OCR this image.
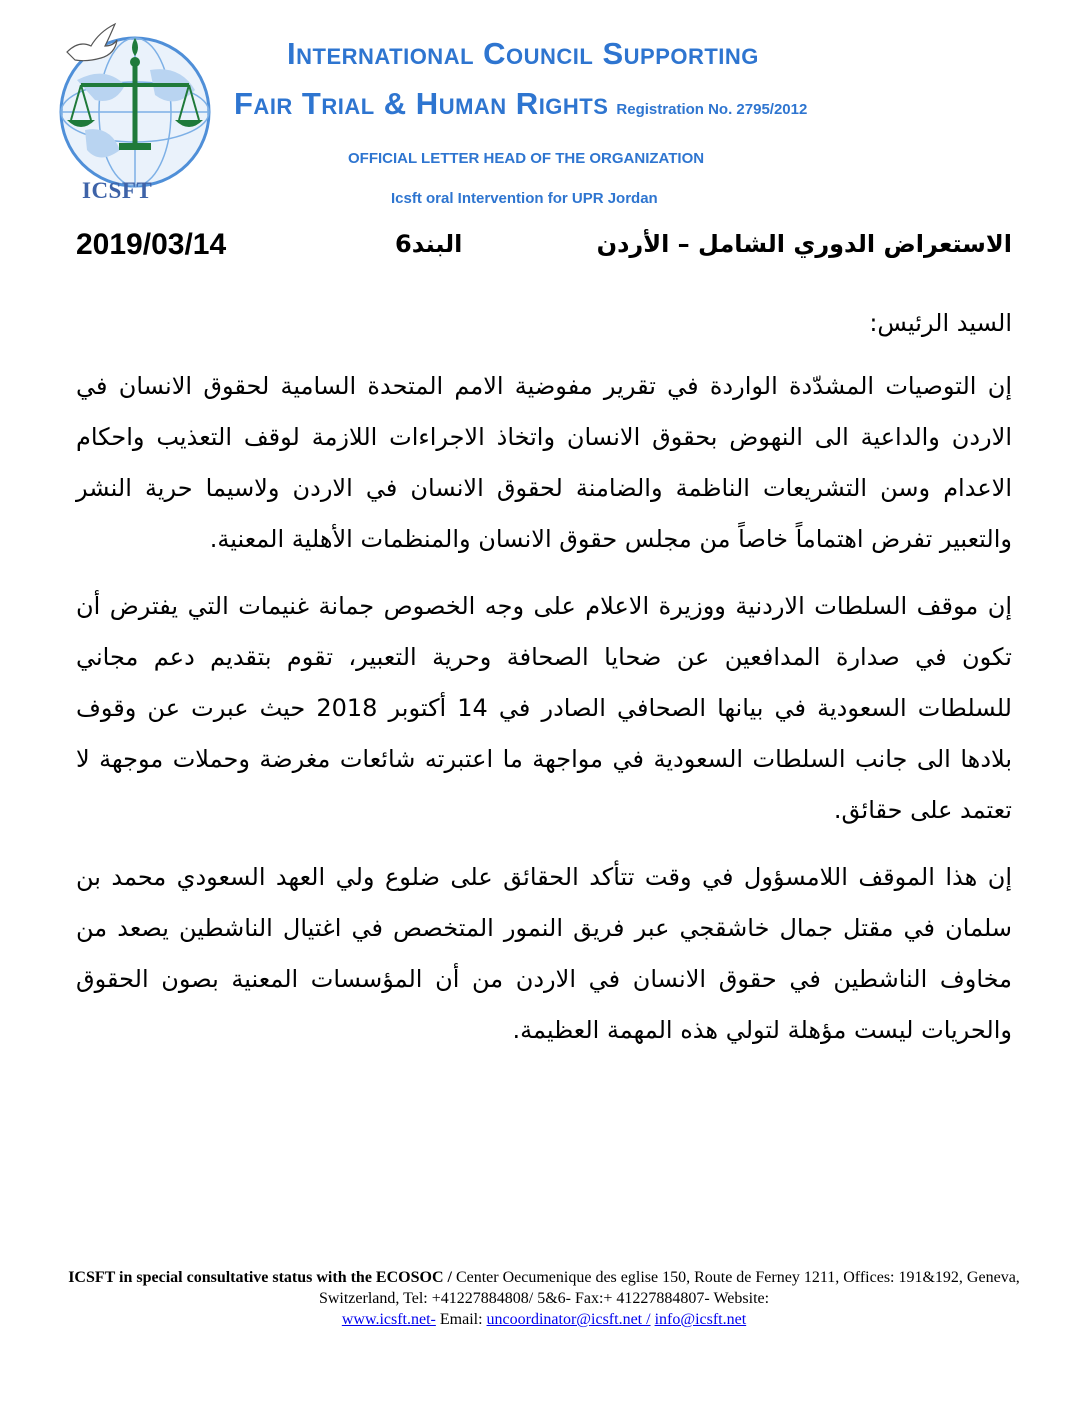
ICSFT
International Council Supporting
Fair Trial & Human Rights Registration No. 2795/2012
OFFICIAL LETTER HEAD OF THE ORGANIZATION
Icsft oral Intervention for UPR Jordan
2019/03/14	البند6	الاستعراض الدوري الشامل – الأردن

السيد الرئيس:

إن التوصيات المشدّدة الواردة في تقرير مفوضية الامم المتحدة السامية لحقوق الانسان في الاردن والداعية الى النهوض بحقوق الانسان واتخاذ الاجراءات اللازمة لوقف التعذيب واحكام الاعدام وسن التشريعات الناظمة والضامنة لحقوق الانسان في الاردن ولاسيما حرية النشر والتعبير تفرض اهتماماً خاصاً من مجلس حقوق الانسان والمنظمات الأهلية المعنية.

إن موقف السلطات الاردنية ووزيرة الاعلام على وجه الخصوص جمانة غنيمات التي يفترض أن تكون في صدارة المدافعين عن ضحايا الصحافة وحرية التعبير، تقوم بتقديم دعم مجاني للسلطات السعودية في بيانها الصحافي الصادر في 14 أكتوبر 2018 حيث عبرت عن وقوف بلادها الى جانب السلطات السعودية في مواجهة ما اعتبرته شائعات مغرضة وحملات موجهة لا تعتمد على حقائق.

إن هذا الموقف اللامسؤول في وقت تتأكد الحقائق على ضلوع ولي العهد السعودي محمد بن سلمان في مقتل جمال خاشقجي عبر فريق النمور المتخصص في اغتيال الناشطين يصعد من مخاوف الناشطين في حقوق الانسان في الاردن من أن المؤسسات المعنية بصون الحقوق والحريات ليست مؤهلة لتولي هذه المهمة العظيمة.

ICSFT in special consultative status with the ECOSOC / Center Oecumenique des eglise 150, Route de Ferney 1211, Offices: 191&192, Geneva, Switzerland, Tel: +41227884808/ 5&6- Fax:+ 41227884807- Website:
www.icsft.net- Email: uncoordinator@icsft.net / info@icsft.net
